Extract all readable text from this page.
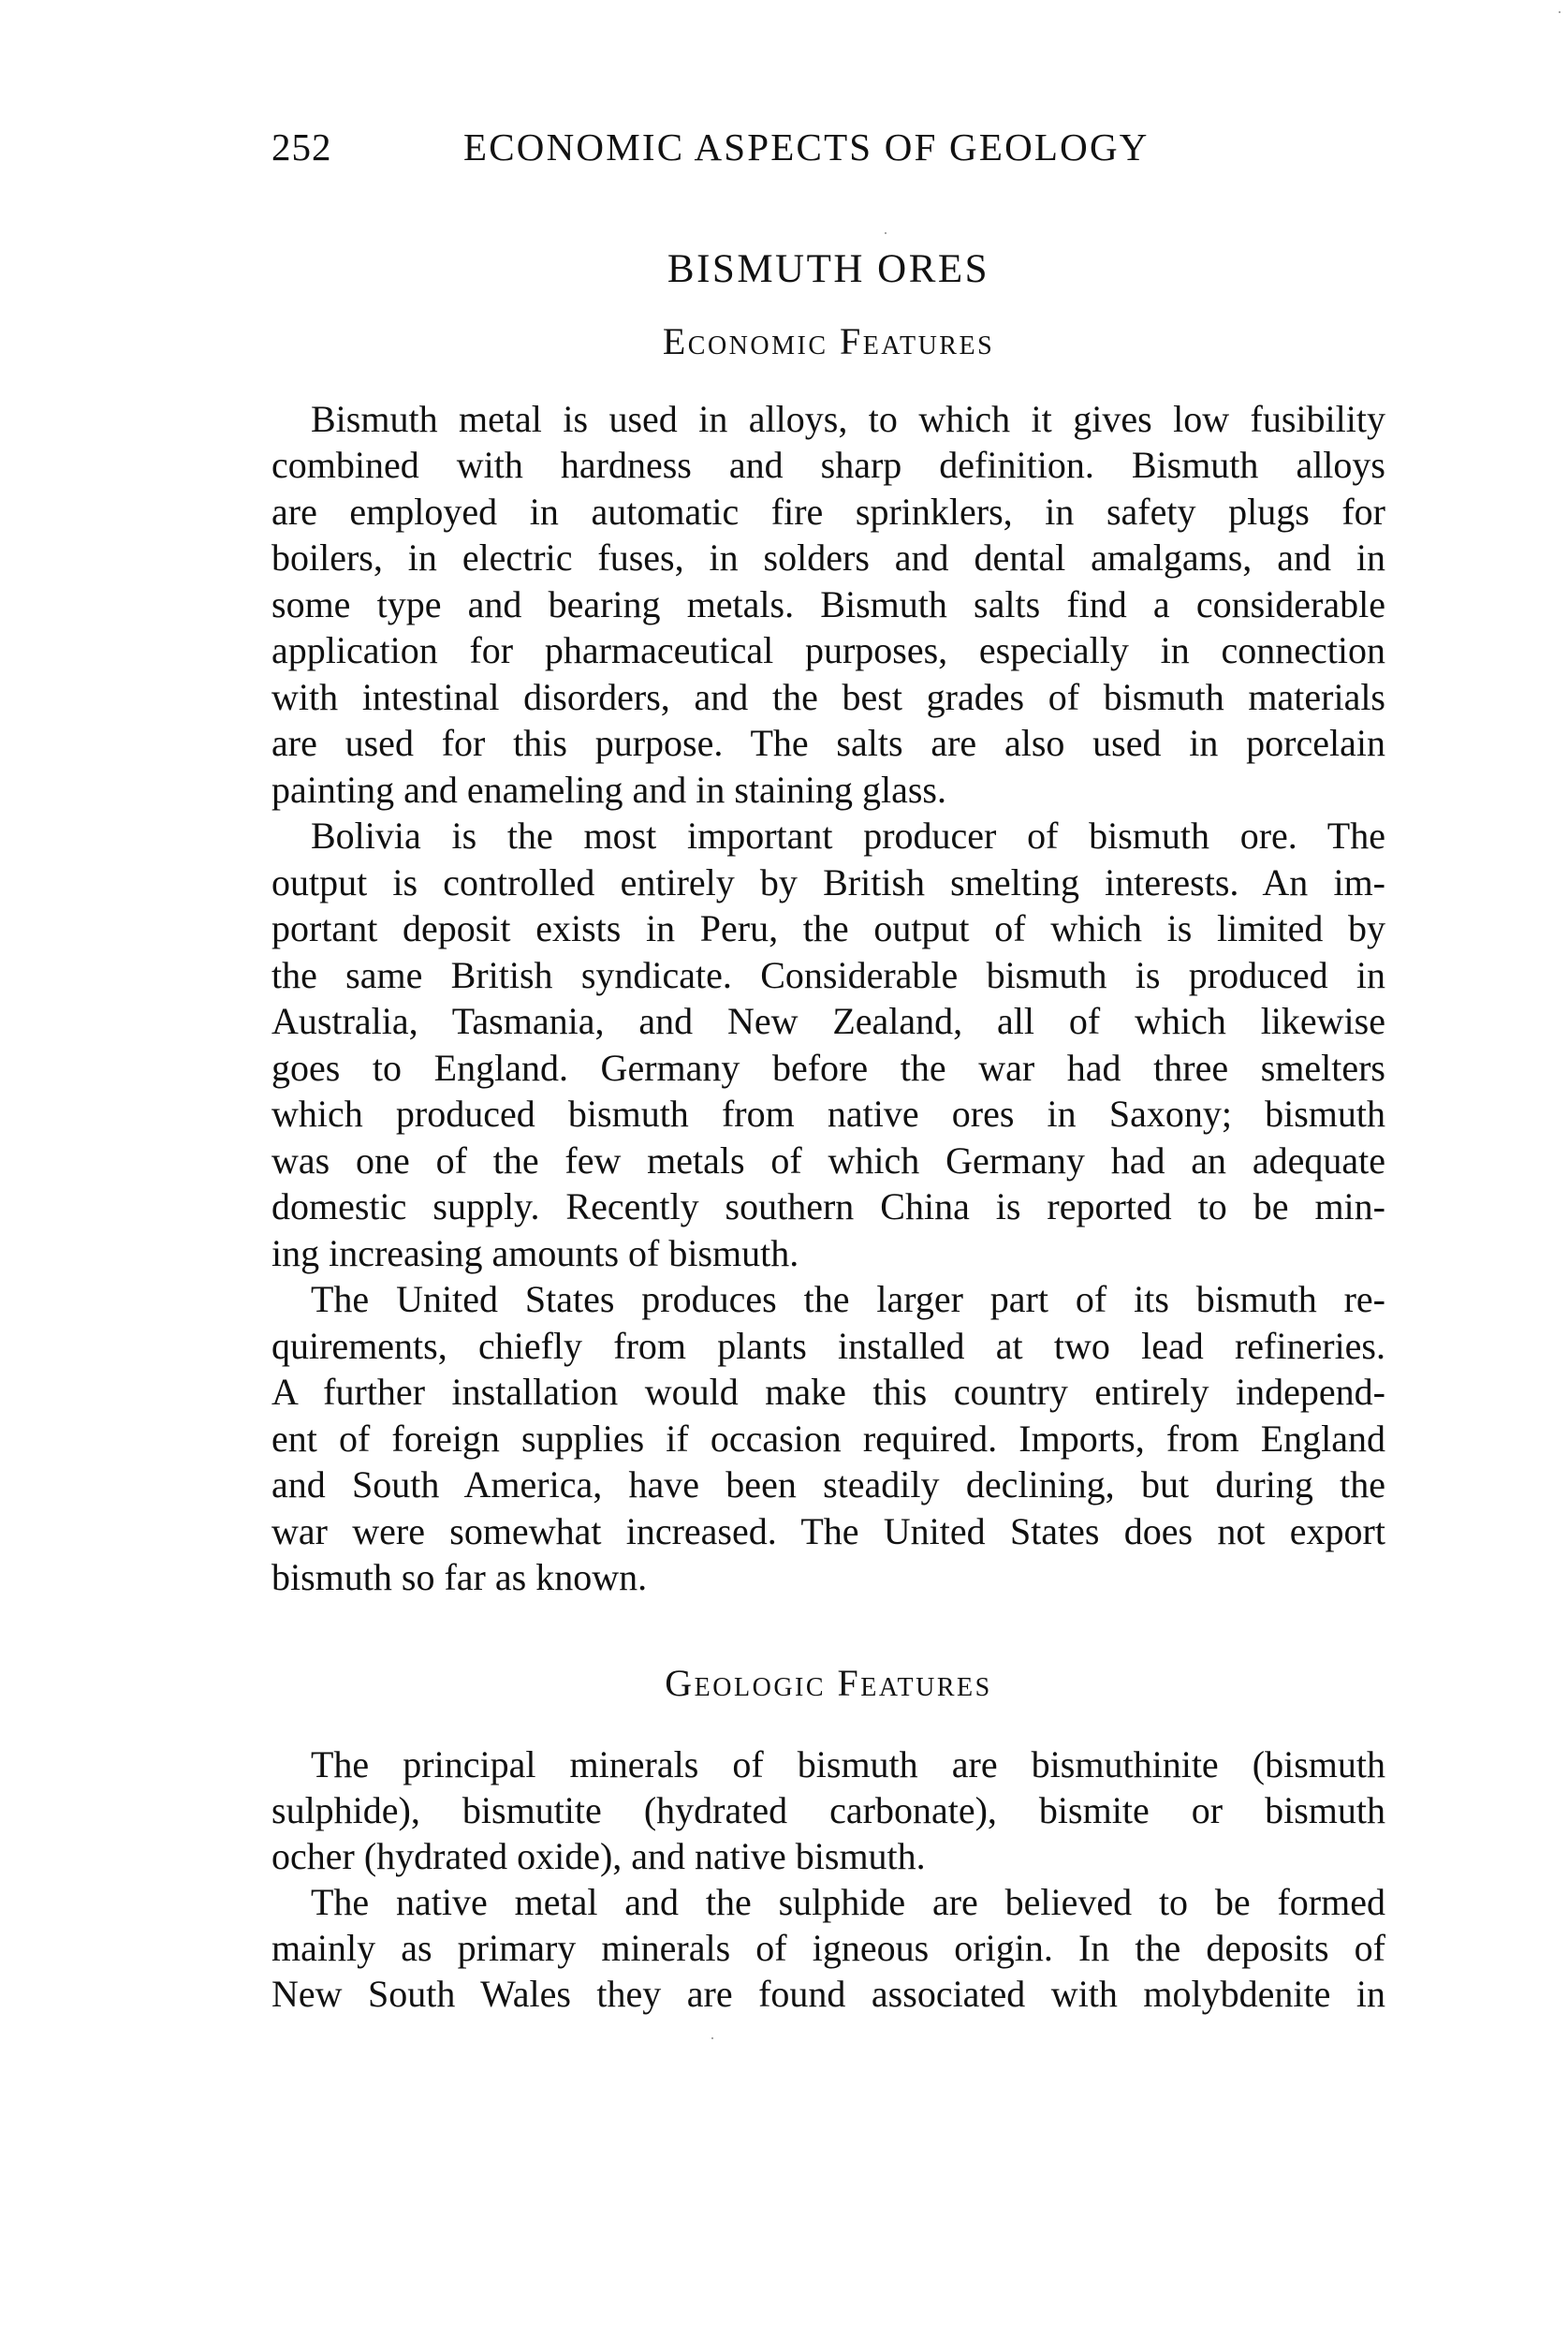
252	ECONOMIC ASPECTS OF GEOLOGY
BISMUTH ORES
Economic Features
Bismuth metal is used in alloys, to which it gives low fusibility
combined with hardness and sharp definition. Bismuth alloys
are employed in automatic fire sprinklers, in safety plugs for
boilers, in electric fuses, in solders and dental amalgams, and in
some type and bearing metals. Bismuth salts find a considerable
application for pharmaceutical purposes, especially in connection
with intestinal disorders, and the best grades of bismuth materials
are used for this purpose. The salts are also used in porcelain
painting and enameling and in staining glass.
Bolivia is the most important producer of bismuth ore. The
output is controlled entirely by British smelting interests. An im-
portant deposit exists in Peru, the output of which is limited by
the same British syndicate. Considerable bismuth is produced in
Australia, Tasmania, and New Zealand, all of which likewise
goes to England. Germany before the war had three smelters
which produced bismuth from native ores in Saxony; bismuth
was one of the few metals of which Germany had an adequate
domestic supply. Recently southern China is reported to be min-
ing increasing amounts of bismuth.
The United States produces the larger part of its bismuth re-
quirements, chiefly from plants installed at two lead refineries.
A further installation would make this country entirely independ-
ent of foreign supplies if occasion required. Imports, from England
and South America, have been steadily declining, but during the
war were somewhat increased. The United States does not export
bismuth so far as known.
Geologic Features
The principal minerals of bismuth are bismuthinite (bismuth
sulphide), bismutite (hydrated carbonate), bismite or bismuth
ocher (hydrated oxide), and native bismuth.
The native metal and the sulphide are believed to be formed
mainly as primary minerals of igneous origin. In the deposits of
New South Wales they are found associated with molybdenite in
